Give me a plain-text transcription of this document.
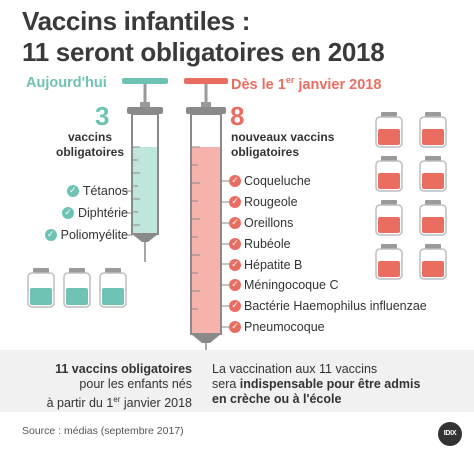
Vaccins infantiles :
11 seront obligatoires en 2018
Aujourd'hui	Dès le 1er janvier 2018
3	8
vaccins
obligatoires
nouveaux vaccins
obligatoires
✓ Tétanos
✓ Diphtérie
✓ Poliomyélite
✓ Coqueluche
✓ Rougeole
✓ Oreillons
✓ Rubéole
✓ Hépatite B
✓ Méningocoque C
✓ Bactérie Haemophilus influenzae
✓ Pneumocoque
11 vaccins obligatoires
pour les enfants nés
à partir du 1er janvier 2018
La vaccination aux 11 vaccins
sera indispensable pour être admis
en crèche ou à l'école
Source : médias (septembre 2017)	IDIX
